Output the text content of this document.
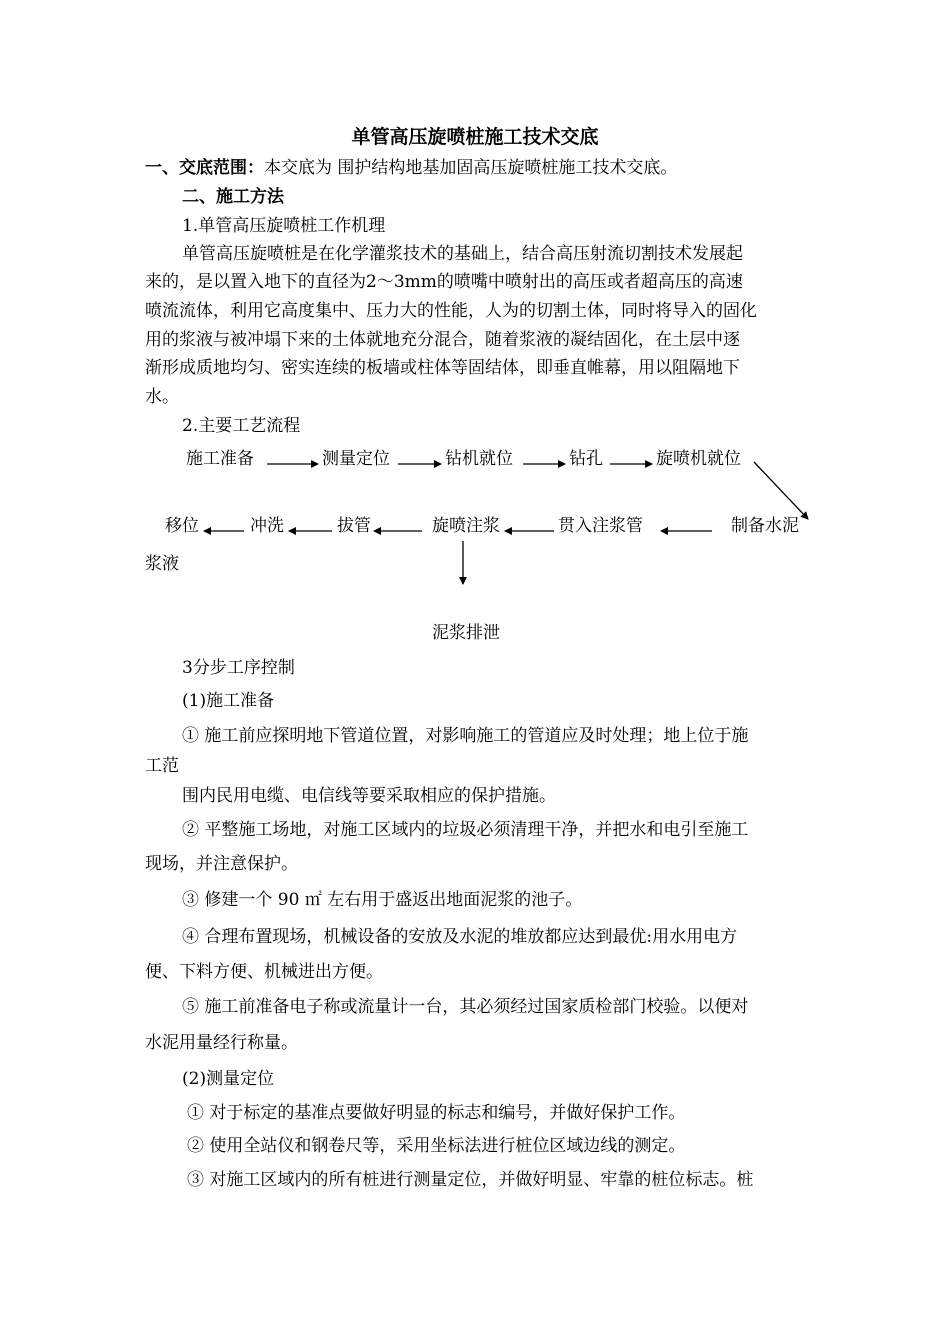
单管高压旋喷桩施工技术交底
一、交底范围：本交底为 围护结构地基加固高压旋喷桩施工技术交底。
二、施工方法
1.单管高压旋喷桩工作机理
单管高压旋喷桩是在化学灌浆技术的基础上，结合高压射流切割技术发展起
来的，是以置入地下的直径为2～3mm的喷嘴中喷射出的高压或者超高压的高速
喷流流体，利用它高度集中、压力大的性能，人为的切割土体，同时将导入的固化
用的浆液与被冲塌下来的土体就地充分混合，随着浆液的凝结固化，在土层中逐
渐形成质地均匀、密实连续的板墙或柱体等固结体，即垂直帷幕，用以阻隔地下
水。
2.主要工艺流程
施工准备	测量定位	钻机就位	钻孔	旋喷机就位
移位	冲洗	拔管	旋喷注浆	贯入注浆管	制备水泥
浆液
泥浆排泄
3分步工序控制
(1)施工准备
① 施工前应探明地下管道位置，对影响施工的管道应及时处理；地上位于施
工范
围内民用电缆、电信线等要采取相应的保护措施。
② 平整施工场地，对施工区域内的垃圾必须清理干净，并把水和电引至施工
现场，并注意保护。
③ 修建一个 90 ㎡ 左右用于盛返出地面泥浆的池子。
④ 合理布置现场，机械设备的安放及水泥的堆放都应达到最优:用水用电方
便、下料方便、机械进出方便。
⑤ 施工前准备电子称或流量计一台，其必须经过国家质检部门校验。以便对
水泥用量经行称量。
(2)测量定位
① 对于标定的基准点要做好明显的标志和编号，并做好保护工作。
② 使用全站仪和钢卷尺等，采用坐标法进行桩位区域边线的测定。
③ 对施工区域内的所有桩进行测量定位，并做好明显、牢靠的桩位标志。桩
